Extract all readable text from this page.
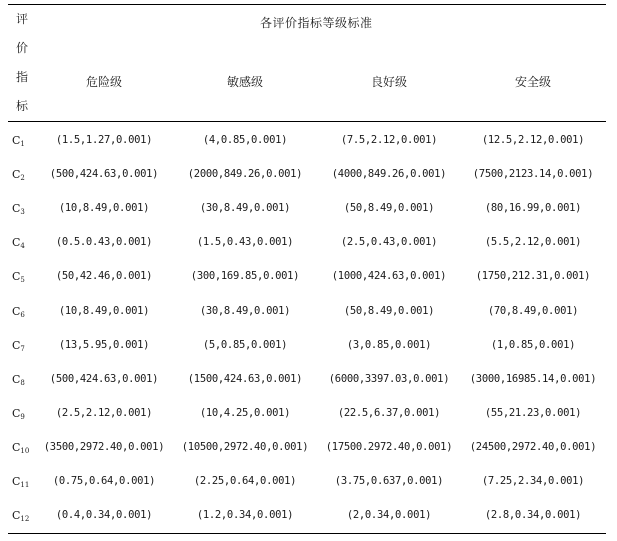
评
价
指
标
各评价指标等级标准
危险级	敏感级	良好级	安全级
$C_1$	(1.5,1.27,0.001)	(4,0.85,0.001)	(7.5,2.12,0.001)	(12.5,2.12,0.001)
$C_2$ (500,424.63,0.001)	(2000,849.26,0.001)	(4000,849.26,0.001)	(7500,2123.14,0.001)
$C_3$	(10,8.49,0.001)	(30,8.49,0.001)	(50,8.49,0.001)	(80,16.99,0.001)
$C_4$	(0.5.0.43,0.001)	(1.5,0.43,0.001)	(2.5,0.43,0.001)	(5.5,2.12,0.001)
$C_5$	(50,42.46,0.001)	(300,169.85,0.001)	(1000,424.63,0.001)	(1750,212.31,0.001)
$C_6$	(10,8.49,0.001)	(30,8.49,0.001)	(50,8.49,0.001)	(70,8.49,0.001)
$C_7$	(13,5.95,0.001)	(5,0.85,0.001)	(3,0.85,0.001)	(1,0.85,0.001)
$C_8$ (500,424.63,0.001)	(1500,424.63,0.001)	(6000,3397.03,0.001) (3000,16985.14,0.001)
$C_9$	(2.5,2.12,0.001)	(10,4.25,0.001)	(22.5,6.37,0.001)	(55,21.23,0.001)
$C_{10}$ (3500,2972.40,0.001) (10500,2972.40,0.001) (17500.2972.40,0.001) (24500,2972.40,0.001)
$C_{11}$ (0.75,0.64,0.001)	(2.25,0.64,0.001)	(3.75,0.637,0.001)	(7.25,2.34,0.001)
$C_{12}$	(0.4,0.34,0.001)	(1.2,0.34,0.001)	(2,0.34,0.001)	(2.8,0.34,0.001)
